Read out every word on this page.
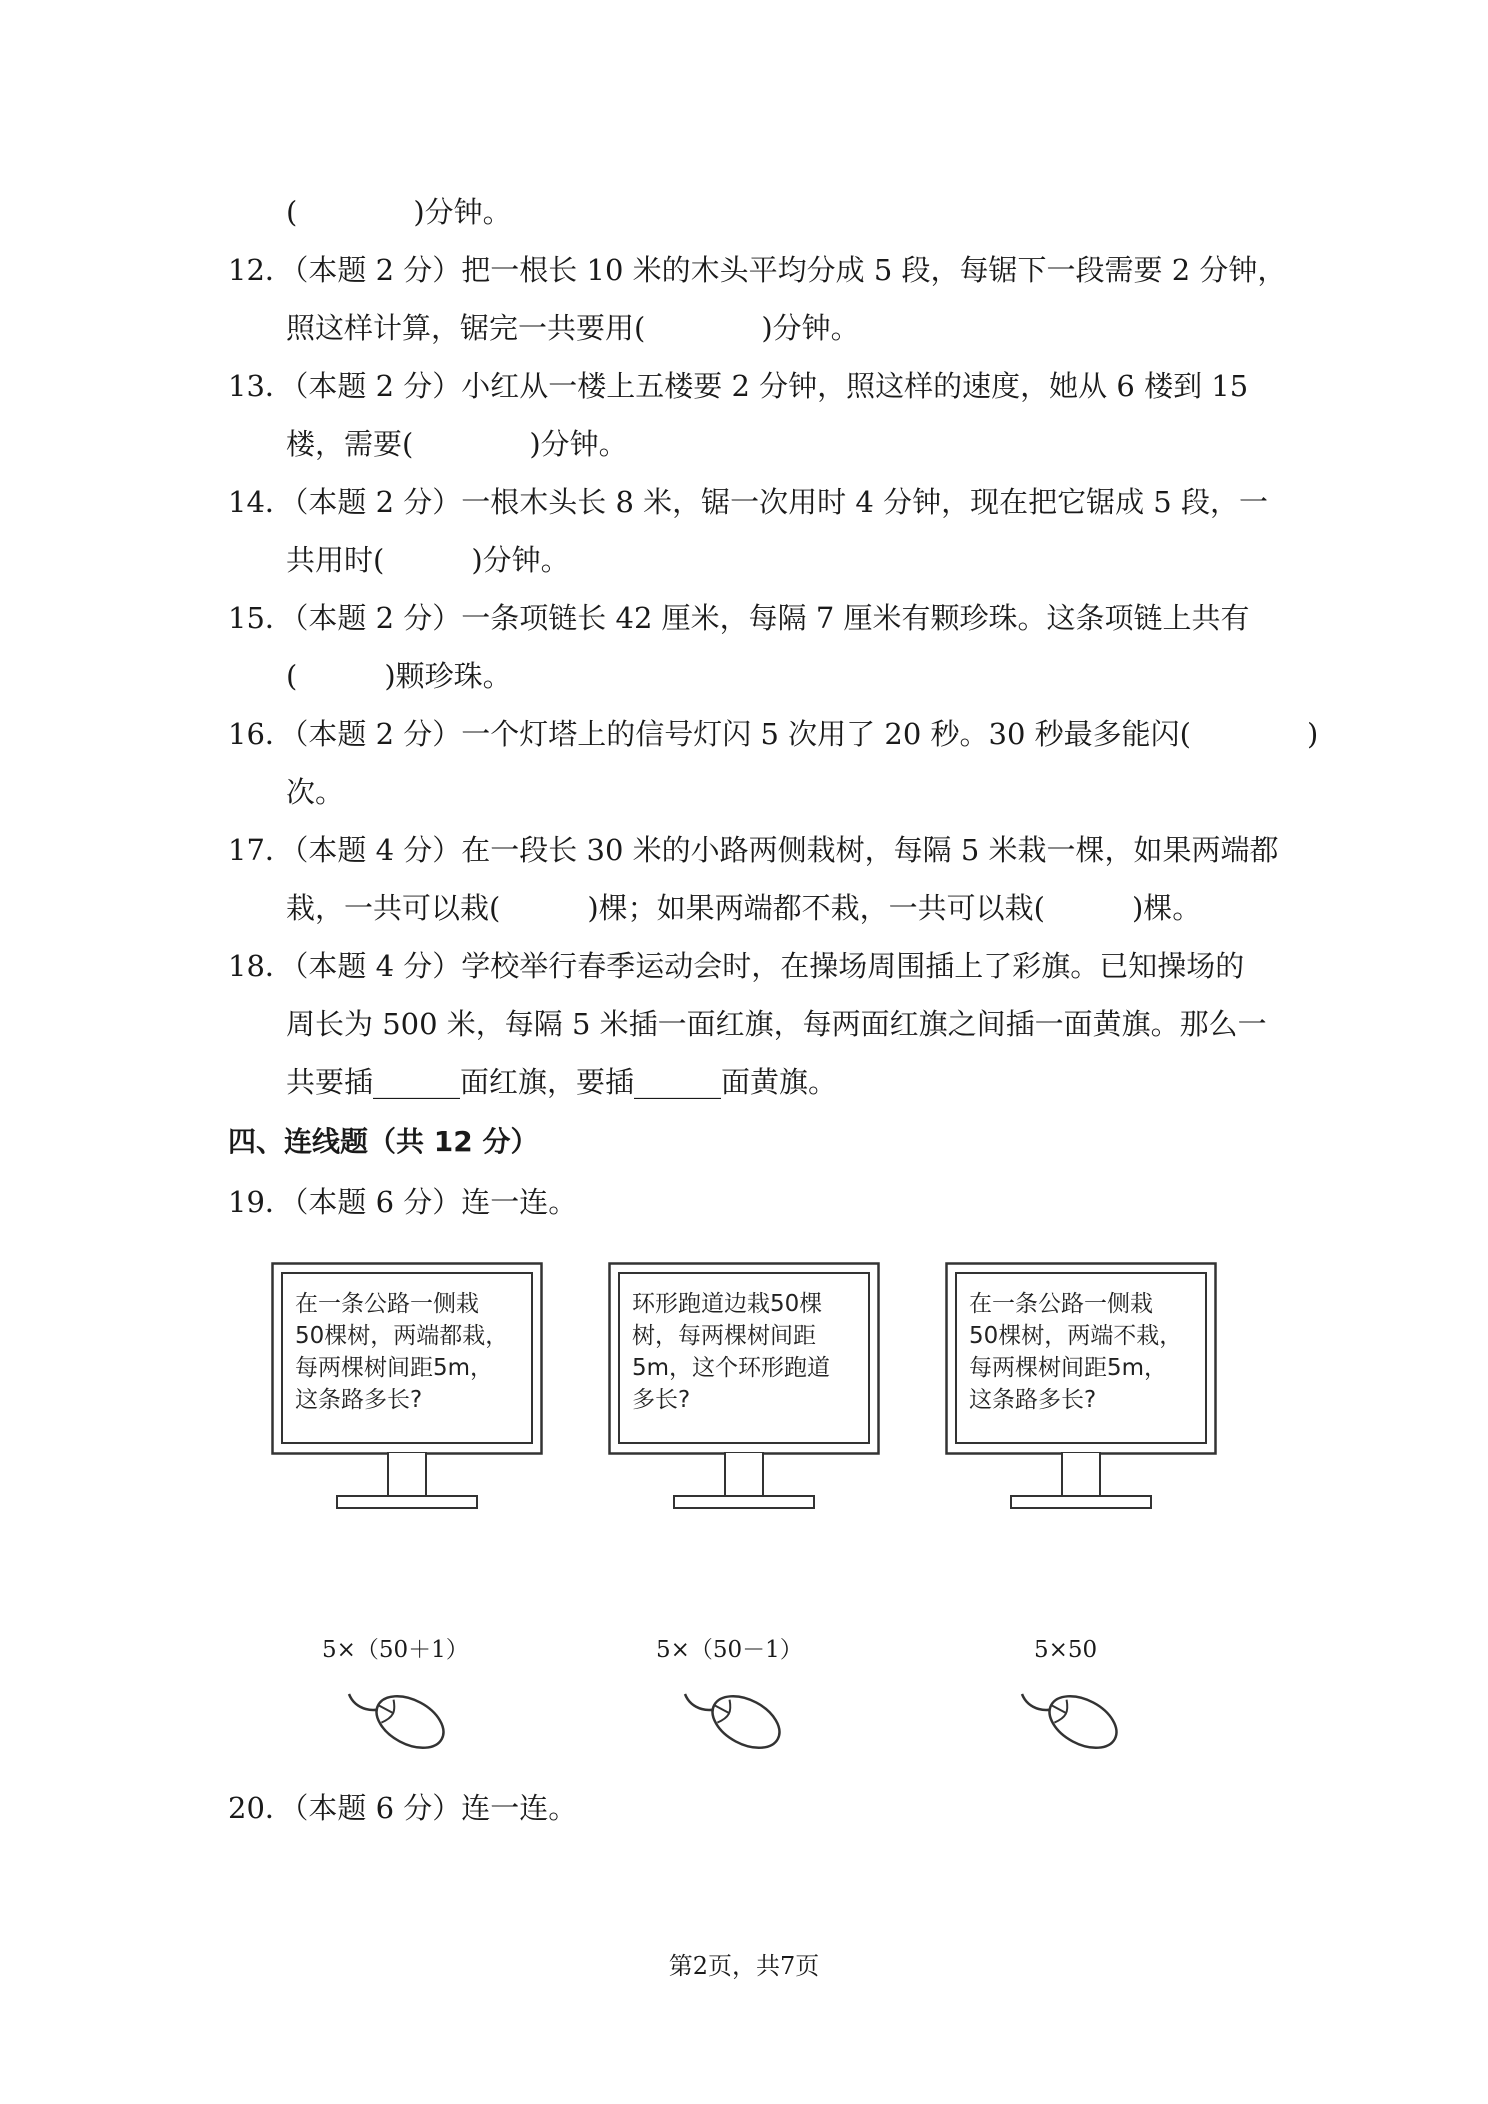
(　　　　)分钟。
12．（本题 2 分）把一根长 10 米的木头平均分成 5 段，每锯下一段需要 2 分钟，
照这样计算，锯完一共要用(　　　　)分钟。
13．（本题 2 分）小红从一楼上五楼要 2 分钟，照这样的速度，她从 6 楼到 15
楼，需要(　　　　)分钟。
14．（本题 2 分）一根木头长 8 米，锯一次用时 4 分钟，现在把它锯成 5 段，一
共用时(　　　)分钟。
15．（本题 2 分）一条项链长 42 厘米，每隔 7 厘米有颗珍珠。这条项链上共有
(　　　)颗珍珠。
16．（本题 2 分）一个灯塔上的信号灯闪 5 次用了 20 秒。30 秒最多能闪(　　　　)
次。
17．（本题 4 分）在一段长 30 米的小路两侧栽树，每隔 5 米栽一棵，如果两端都
栽，一共可以栽(　　　)棵；如果两端都不栽，一共可以栽(　　　)棵。
18．（本题 4 分）学校举行春季运动会时，在操场周围插上了彩旗。已知操场的
周长为 500 米，每隔 5 米插一面红旗，每两面红旗之间插一面黄旗。那么一
共要插______面红旗，要插______面黄旗。
四、连线题（共 12 分）
19．（本题 6 分）连一连。
在一条公路一侧栽
50棵树，两端都栽，
每两棵树间距5m，
这条路多长?
环形跑道边栽50棵
树，每两棵树间距
5m，这个环形跑道
多长?
在一条公路一侧栽
50棵树，两端不栽，
每两棵树间距5m，
这条路多长?
5×（50＋1）	5×（50－1）	5×50
20．（本题 6 分）连一连。
第2页，共7页
